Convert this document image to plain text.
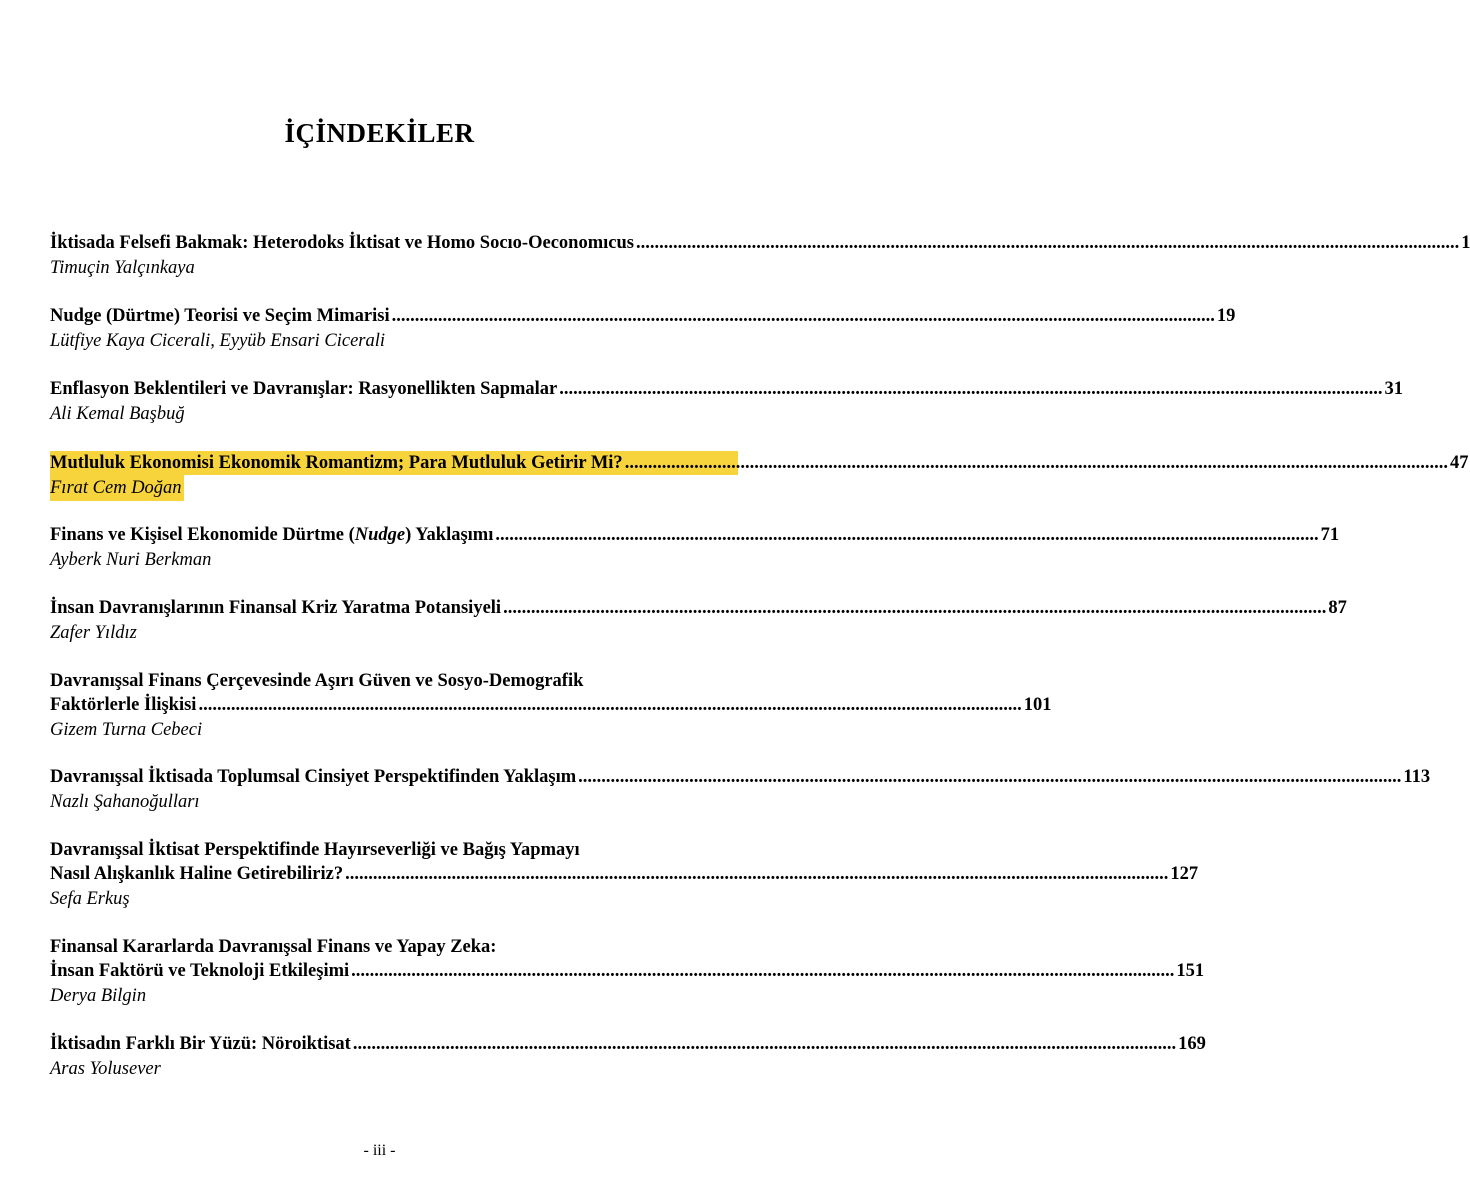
İÇİNDEKİLER
İktisada Felsefi Bakmak: Heterodoks İktisat ve Homo Socıo-Oeconomıcus .................................................................................................................................................................................. 1
Timuçin Yalçınkaya
Nudge (Dürtme) Teorisi ve Seçim Mimarisi .................................................................................................................................................................................. 19
Lütfiye Kaya Cicerali, Eyyüb Ensari Cicerali
Enflasyon Beklentileri ve Davranışlar: Rasyonellikten Sapmalar .................................................................................................................................................................................. 31
Ali Kemal Başbuğ
Mutluluk Ekonomisi Ekonomik Romantizm; Para Mutluluk Getirir Mi? .................................................................................................................................................................................. 47
Fırat Cem Doğan
Finans ve Kişisel Ekonomide Dürtme (Nudge) Yaklaşımı .................................................................................................................................................................................. 71
Ayberk Nuri Berkman
İnsan Davranışlarının Finansal Kriz Yaratma Potansiyeli .................................................................................................................................................................................. 87
Zafer Yıldız
Davranışsal Finans Çerçevesinde Aşırı Güven ve Sosyo-Demografik
Faktörlerle İlişkisi .................................................................................................................................................................................. 101
Gizem Turna Cebeci
Davranışsal İktisada Toplumsal Cinsiyet Perspektifinden Yaklaşım .................................................................................................................................................................................. 113
Nazlı Şahanoğulları
Davranışsal İktisat Perspektifinde Hayırseverliği ve Bağış Yapmayı
Nasıl Alışkanlık Haline Getirebiliriz? .................................................................................................................................................................................. 127
Sefa Erkuş
Finansal Kararlarda Davranışsal Finans ve Yapay Zeka:
İnsan Faktörü ve Teknoloji Etkileşimi .................................................................................................................................................................................. 151
Derya Bilgin
İktisadın Farklı Bir Yüzü: Nöroiktisat .................................................................................................................................................................................. 169
Aras Yolusever
- iii -
